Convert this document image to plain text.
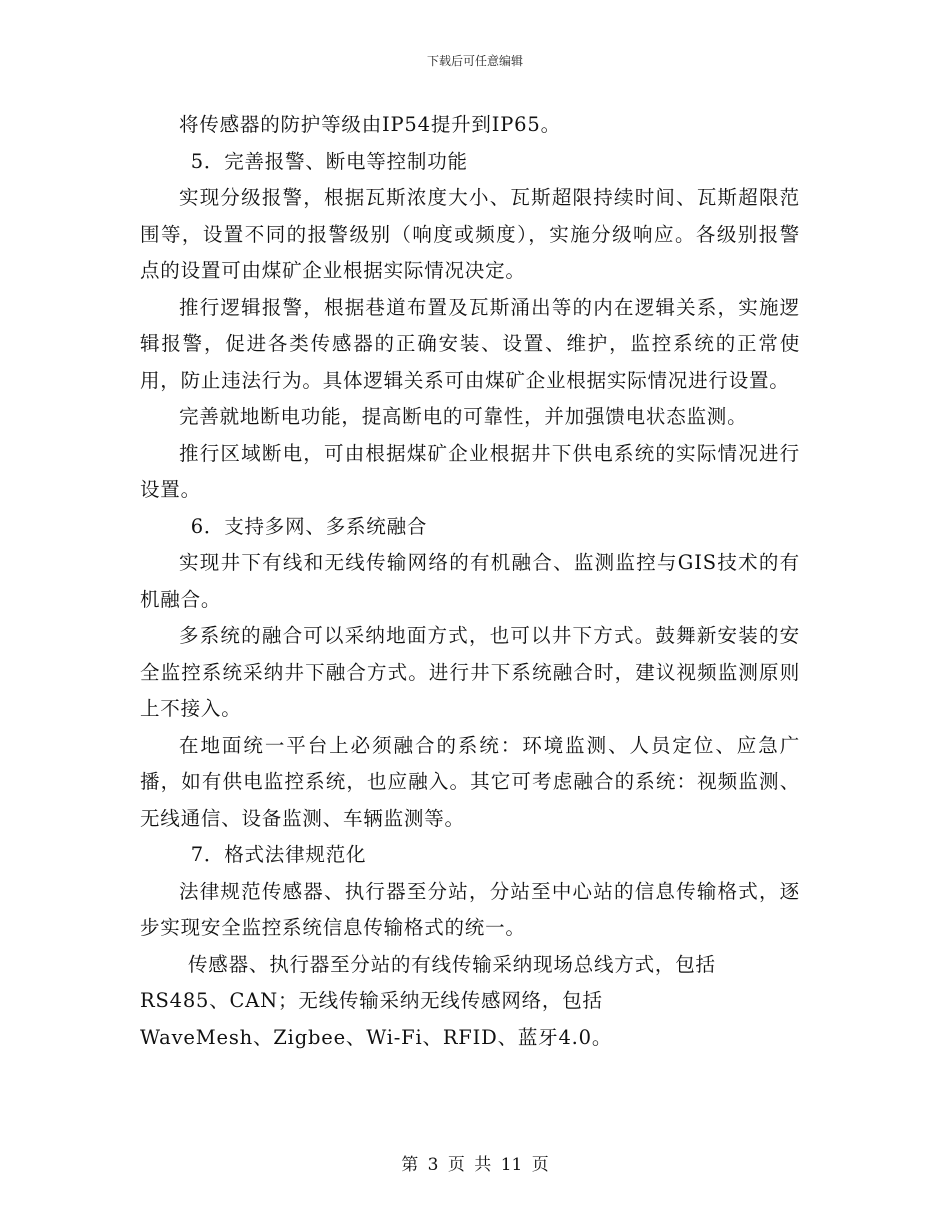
下载后可任意编辑

将传感器的防护等级由IP54提升到IP65。

5．完善报警、断电等控制功能

实现分级报警，根据瓦斯浓度大小、瓦斯超限持续时间、瓦斯超限范围等，设置不同的报警级别（响度或频度），实施分级响应。各级别报警点的设置可由煤矿企业根据实际情况决定。

推行逻辑报警，根据巷道布置及瓦斯涌出等的内在逻辑关系，实施逻辑报警，促进各类传感器的正确安装、设置、维护，监控系统的正常使用，防止违法行为。具体逻辑关系可由煤矿企业根据实际情况进行设置。

完善就地断电功能，提高断电的可靠性，并加强馈电状态监测。

推行区域断电，可由根据煤矿企业根据井下供电系统的实际情况进行设置。

6．支持多网、多系统融合

实现井下有线和无线传输网络的有机融合、监测监控与GIS技术的有机融合。

多系统的融合可以采纳地面方式，也可以井下方式。鼓舞新安装的安全监控系统采纳井下融合方式。进行井下系统融合时，建议视频监测原则上不接入。

在地面统一平台上必须融合的系统：环境监测、人员定位、应急广播，如有供电监控系统，也应融入。其它可考虑融合的系统：视频监测、无线通信、设备监测、车辆监测等。

7．格式法律规范化

法律规范传感器、执行器至分站，分站至中心站的信息传输格式，逐步实现安全监控系统信息传输格式的统一。

传感器、执行器至分站的有线传输采纳现场总线方式，包括
RS485、CAN；无线传输采纳无线传感网络，包括
WaveMesh、Zigbee、Wi-Fi、RFID、蓝牙4.0。

第 3 页 共 11 页
